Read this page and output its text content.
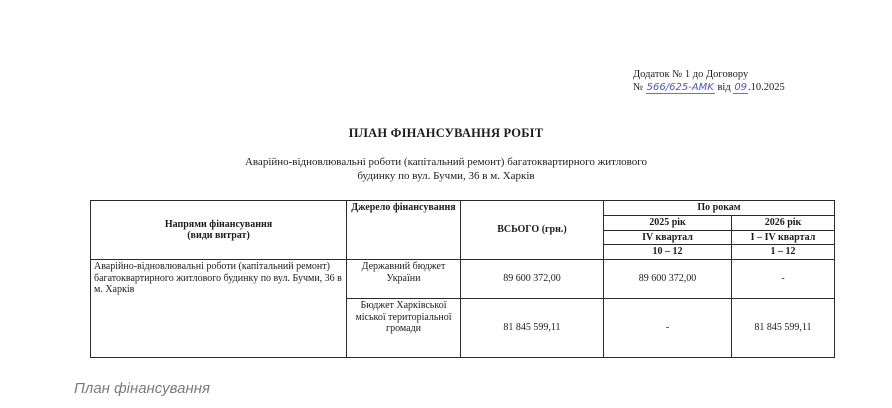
Додаток № 1 до Договору
№ 566/625-AMK від 09.10.2025
ПЛАН ФІНАНСУВАННЯ РОБІТ
Аварійно-відновлювальні роботи (капітальний ремонт) багатоквартирного житлового
будинку по вул. Бучми, 36 в м. Харків
Напрями фінансування
(види витрат)	Джерело фінансування	ВСЬОГО (грн.)	По рокам	
			2025 рік	2026 рік
			IV квартал	I – IV квартал
			10 – 12	1 – 12
Аварійно-відновлювальні роботи (капітальний ремонт) багатоквартирного житлового будинку по вул. Бучми, 36 в м. Харків	Державний бюджет України	89 600 372,00	89 600 372,00	-
	Бюджет Харківської міської територіальної громади	81 845 599,11	-	81 845 599,11
План фінансування
